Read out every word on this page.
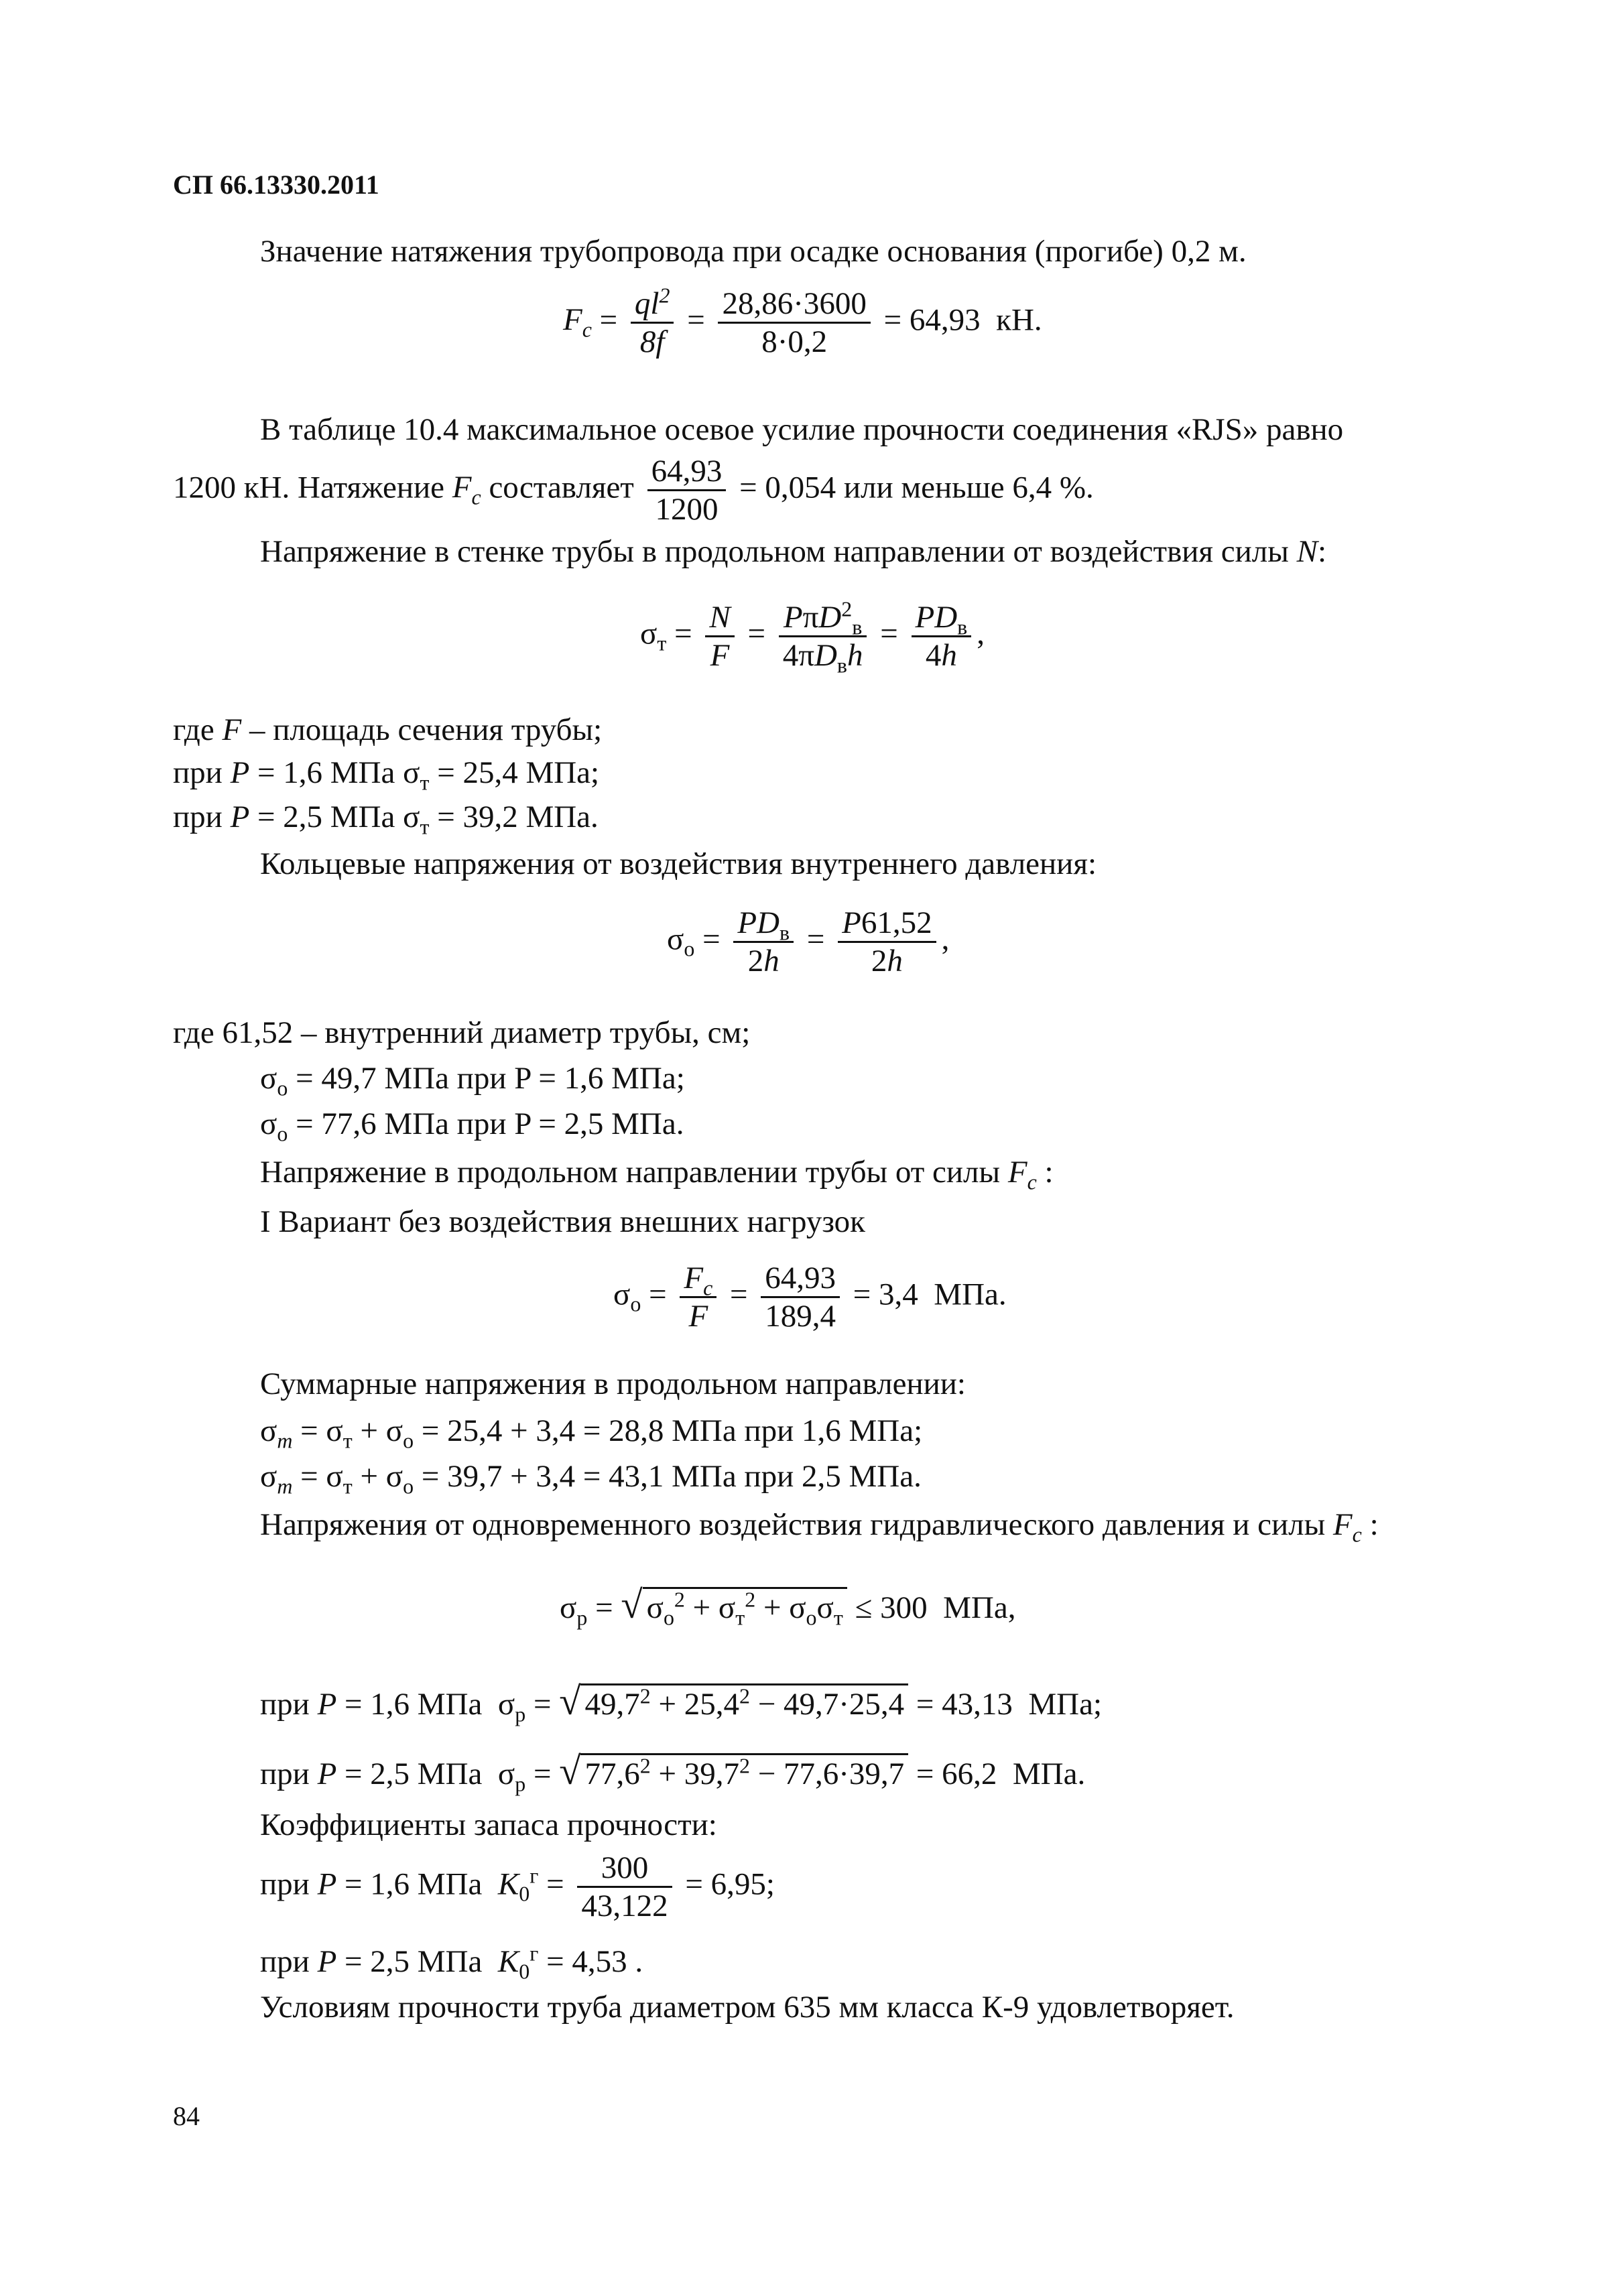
СП 66.13330.2011
Значение натяжения трубопровода при осадке основания (прогибе) 0,2 м.
$F_c = \frac{ql^2}{8f} = \frac{28,86\cdot 3600}{8\cdot 0,2} = 64,93$  кН.
В таблице 10.4 максимальное осевое усилие прочности соединения «RJS» равно
1200 кН. Натяжение $F_c$ составляет $\frac{64,93}{1200} = 0,054$ или меньше 6,4 %.
Напряжение в стенке трубы в продольном направлении от воздействия силы N:
$\sigma_т = \frac{N}{F} = \frac{P\pi D^2_в}{4\pi D_вh} = \frac{PD_в}{4h}$ ,
где F – площадь сечения трубы;
при P = 1,6 МПа $\sigma_т = 25,4$ МПа;
при P = 2,5 МПа $\sigma_т = 39,2$ МПа.
Кольцевые напряжения от воздействия внутреннего давления:
$\sigma_о = \frac{PD_в}{2h} = \frac{P61,52}{2h}$ ,
где 61,52 – внутренний диаметр трубы, см;
$\sigma_о = 49,7$ МПа при P = 1,6 МПа;
$\sigma_о = 77,6$ МПа при P = 2,5 МПа.
Напряжение в продольном направлении трубы от силы $F_c$ :
I Вариант без воздействия внешних нагрузок
$\sigma_о = \frac{F_c}{F} = \frac{64,93}{189,4} = 3,4$  МПа.
Суммарные напряжения в продольном направлении:
$\sigma_m = \sigma_т + \sigma_о = 25,4 + 3,4 = 28,8$ МПа при 1,6 МПа;
$\sigma_m = \sigma_т + \sigma_о = 39,7 + 3,4 = 43,1$ МПа при 2,5 МПа.
Напряжения от одновременного воздействия гидравлического давления и силы $F_c$ :
$\sigma_р$ = √ $\sigma_о^2 + \sigma_т^2 + \sigma_о\sigma_т \le 300$  МПа,
при P = 1,6 МПа  $\sigma_р$ = √ $49,7^2 + 25,4^2 - 49,7\cdot 25,4 = 43,13$  МПа;
при P = 2,5 МПа  $\sigma_р$ = √ $77,6^2 + 39,7^2 - 77,6\cdot 39,7 = 66,2$  МПа.
Коэффициенты запаса прочности:
при P = 1,6 МПа  $K_0^г = \frac{300}{43,122} = 6,95$;
при P = 2,5 МПа  $K_0^г = 4,53$ .
Условиям прочности труба диаметром 635 мм класса К-9 удовлетворяет.
84
